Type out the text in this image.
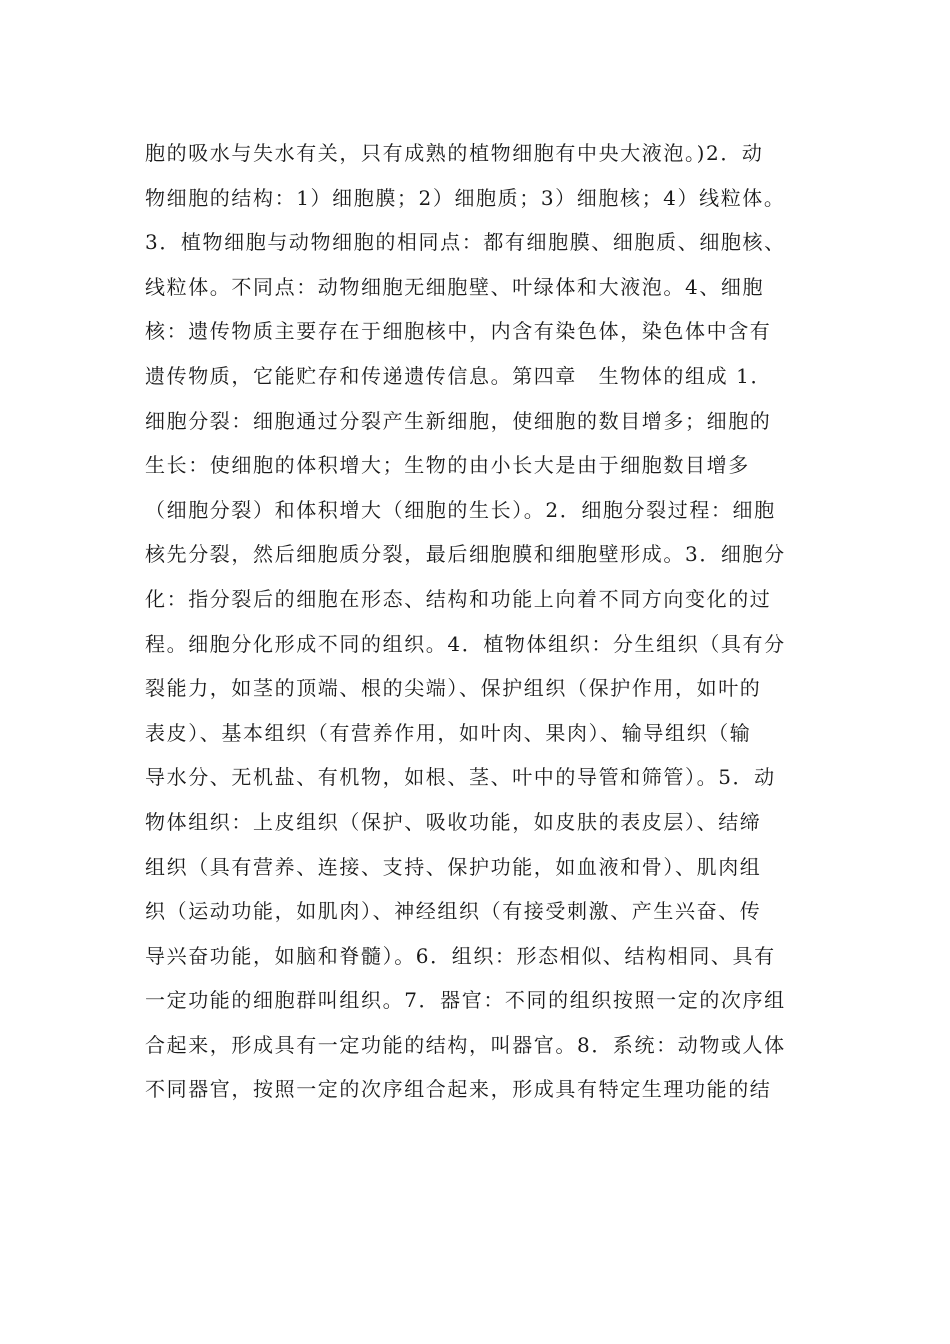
胞的吸水与失水有关，只有成熟的植物细胞有中央大液泡。)2．动
物细胞的结构：1）细胞膜；2）细胞质；3）细胞核；4）线粒体。
3．植物细胞与动物细胞的相同点：都有细胞膜、细胞质、细胞核、
线粒体。不同点：动物细胞无细胞壁、叶绿体和大液泡。4、细胞
核：遗传物质主要存在于细胞核中，内含有染色体，染色体中含有
遗传物质，它能贮存和传递遗传信息。第四章　生物体的组成 1．
细胞分裂：细胞通过分裂产生新细胞，使细胞的数目增多；细胞的
生长：使细胞的体积增大；生物的由小长大是由于细胞数目增多
（细胞分裂）和体积增大（细胞的生长）。2．细胞分裂过程：细胞
核先分裂，然后细胞质分裂，最后细胞膜和细胞壁形成。3．细胞分
化：指分裂后的细胞在形态、结构和功能上向着不同方向变化的过
程。细胞分化形成不同的组织。4．植物体组织：分生组织（具有分
裂能力，如茎的顶端、根的尖端）、保护组织（保护作用，如叶的
表皮）、基本组织（有营养作用，如叶肉、果肉）、输导组织（输
导水分、无机盐、有机物，如根、茎、叶中的导管和筛管）。5．动
物体组织：上皮组织（保护、吸收功能，如皮肤的表皮层）、结缔
组织（具有营养、连接、支持、保护功能，如血液和骨）、肌肉组
织（运动功能，如肌肉）、神经组织（有接受刺激、产生兴奋、传
导兴奋功能，如脑和脊髓）。6．组织：形态相似、结构相同、具有
一定功能的细胞群叫组织。7．器官：不同的组织按照一定的次序组
合起来，形成具有一定功能的结构，叫器官。8．系统：动物或人体
不同器官，按照一定的次序组合起来，形成具有特定生理功能的结
